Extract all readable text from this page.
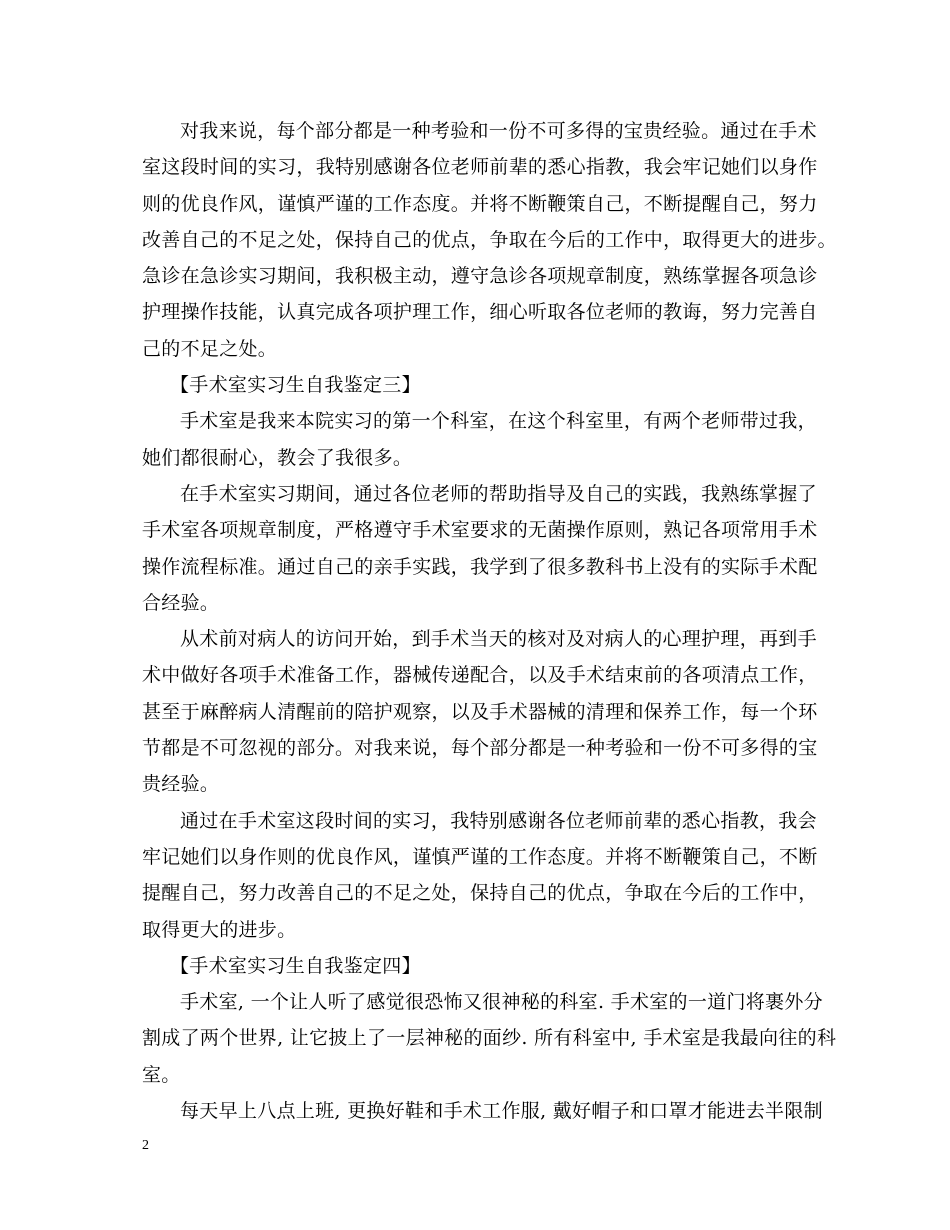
对我来说，每个部分都是一种考验和一份不可多得的宝贵经验。通过在手术
室这段时间的实习，我特别感谢各位老师前辈的悉心指教，我会牢记她们以身作
则的优良作风，谨慎严谨的工作态度。并将不断鞭策自己，不断提醒自己，努力
改善自己的不足之处，保持自己的优点，争取在今后的工作中，取得更大的进步。
急诊在急诊实习期间，我积极主动，遵守急诊各项规章制度，熟练掌握各项急诊
护理操作技能，认真完成各项护理工作，细心听取各位老师的教诲，努力完善自
己的不足之处。
【手术室实习生自我鉴定三】
手术室是我来本院实习的第一个科室，在这个科室里，有两个老师带过我，
她们都很耐心，教会了我很多。
在手术室实习期间，通过各位老师的帮助指导及自己的实践，我熟练掌握了
手术室各项规章制度，严格遵守手术室要求的无菌操作原则，熟记各项常用手术
操作流程标准。通过自己的亲手实践，我学到了很多教科书上没有的实际手术配
合经验。
从术前对病人的访问开始，到手术当天的核对及对病人的心理护理，再到手
术中做好各项手术准备工作，器械传递配合，以及手术结束前的各项清点工作，
甚至于麻醉病人清醒前的陪护观察，以及手术器械的清理和保养工作，每一个环
节都是不可忽视的部分。对我来说，每个部分都是一种考验和一份不可多得的宝
贵经验。
通过在手术室这段时间的实习，我特别感谢各位老师前辈的悉心指教，我会
牢记她们以身作则的优良作风，谨慎严谨的工作态度。并将不断鞭策自己，不断
提醒自己，努力改善自己的不足之处，保持自己的优点，争取在今后的工作中，
取得更大的进步。
【手术室实习生自我鉴定四】
手术室, 一个让人听了感觉很恐怖又很神秘的科室. 手术室的一道门将裹外分
割成了两个世界, 让它披上了一层神秘的面纱. 所有科室中, 手术室是我最向往的科
室。
每天早上八点上班, 更换好鞋和手术工作服, 戴好帽子和口罩才能进去半限制
2
